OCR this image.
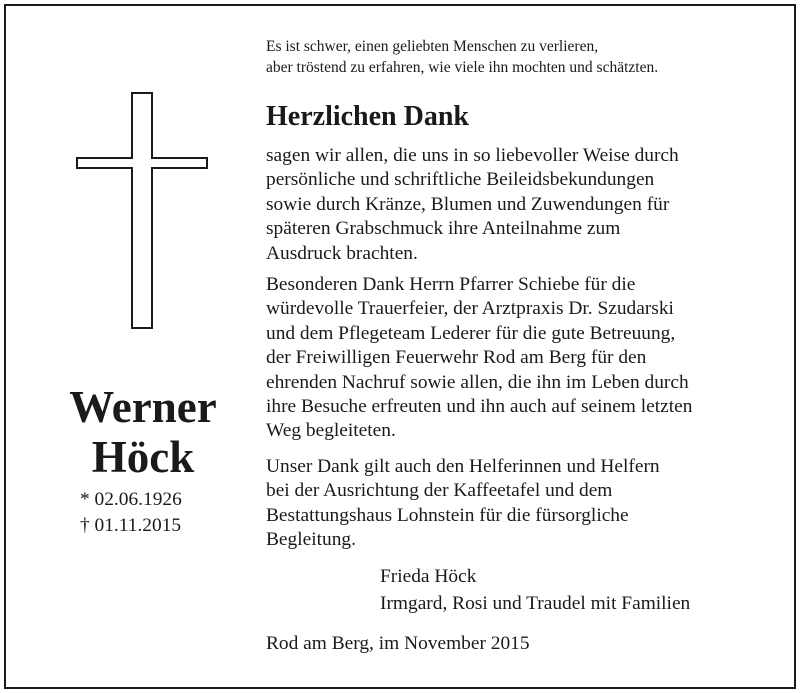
Es ist schwer, einen geliebten Menschen zu verlieren,
aber tröstend zu erfahren, wie viele ihn mochten und schätzten.
Herzlichen Dank
sagen wir allen, die uns in so liebevoller Weise durch
persönliche und schriftliche Beileidsbekundungen
sowie durch Kränze, Blumen und Zuwendungen für
späteren Grabschmuck ihre Anteilnahme zum
Ausdruck brachten.
Besonderen Dank Herrn Pfarrer Schiebe für die
würdevolle Trauerfeier, der Arztpraxis Dr. Szudarski
und dem Pflegeteam Lederer für die gute Betreuung,
der Freiwilligen Feuerwehr Rod am Berg für den
ehrenden Nachruf sowie allen, die ihn im Leben durch
ihre Besuche erfreuten und ihn auch auf seinem letzten
Weg begleiteten.
Unser Dank gilt auch den Helferinnen und Helfern
bei der Ausrichtung der Kaffeetafel und dem
Bestattungshaus Lohnstein für die fürsorgliche
Begleitung.
Frieda Höck
Irmgard, Rosi und Traudel mit Familien
Rod am Berg, im November 2015
Werner
Höck
* 02.06.1926
† 01.11.2015
